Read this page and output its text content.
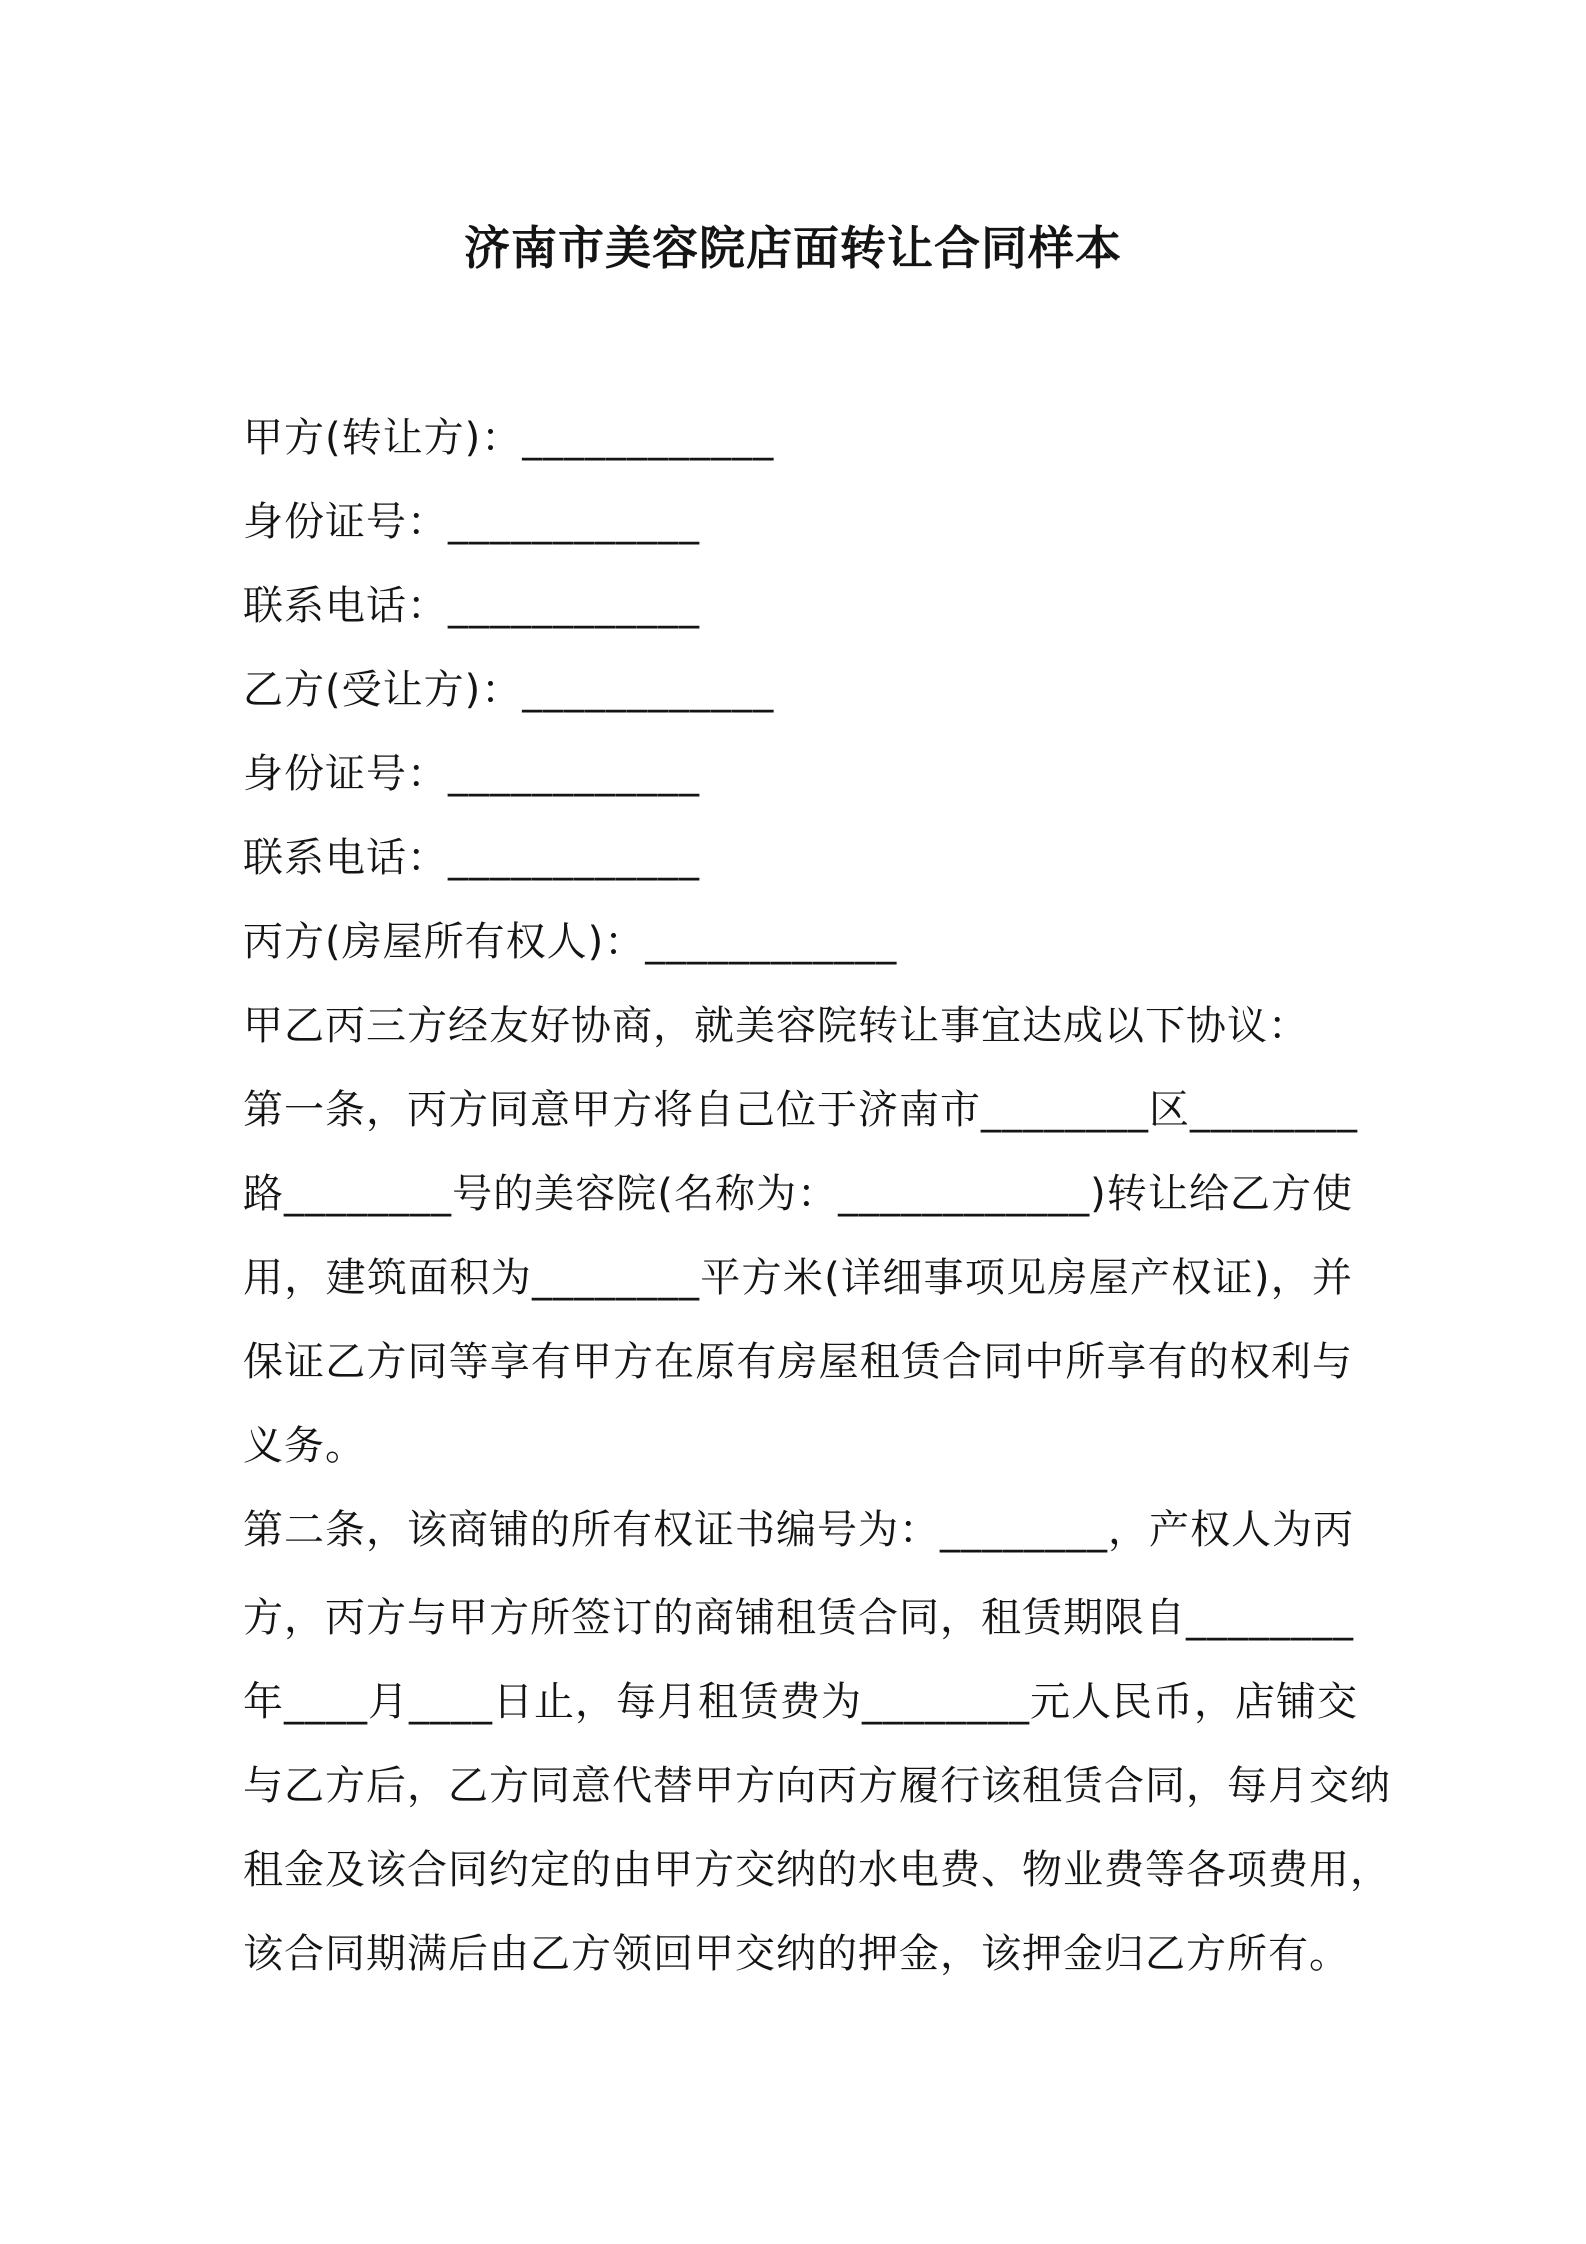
济南市美容院店面转让合同样本
甲方(转让方)：____________
身份证号：____________
联系电话：____________
乙方(受让方)：____________
身份证号：____________
联系电话：____________
丙方(房屋所有权人)：____________
甲乙丙三方经友好协商，就美容院转让事宜达成以下协议：
第一条，丙方同意甲方将自己位于济南市________区________
路________号的美容院(名称为：____________)转让给乙方使
用，建筑面积为________平方米(详细事项见房屋产权证)，并
保证乙方同等享有甲方在原有房屋租赁合同中所享有的权利与
义务。
第二条，该商铺的所有权证书编号为：________，产权人为丙
方，丙方与甲方所签订的商铺租赁合同，租赁期限自________
年____月____日止，每月租赁费为________元人民币，店铺交
与乙方后，乙方同意代替甲方向丙方履行该租赁合同，每月交纳
租金及该合同约定的由甲方交纳的水电费、物业费等各项费用，
该合同期满后由乙方领回甲交纳的押金，该押金归乙方所有。
